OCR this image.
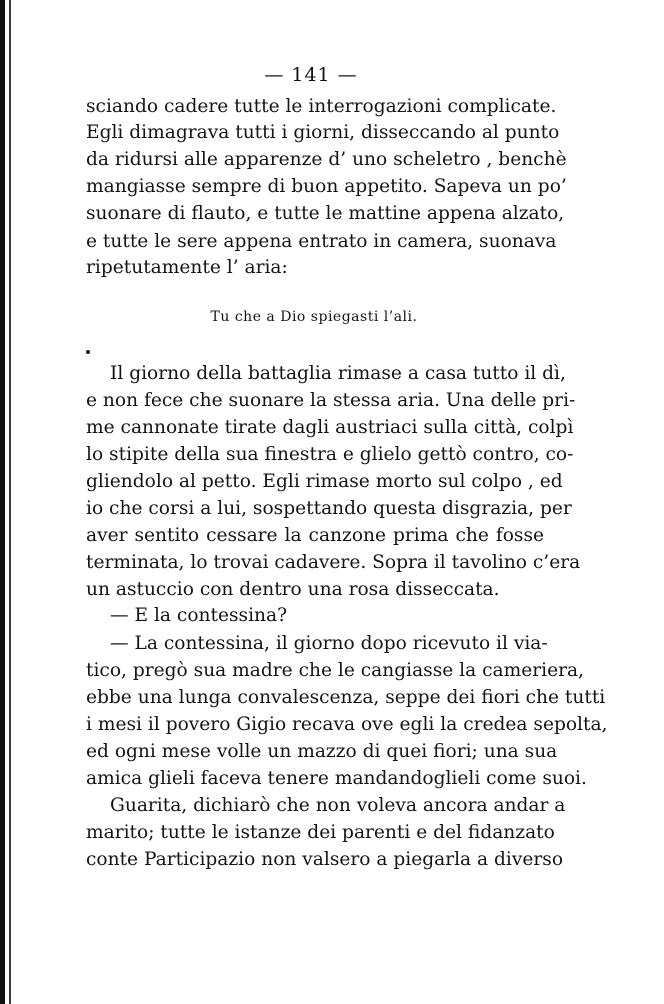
— 141 —
sciando cadere tutte le interrogazioni complicate.
Egli dimagrava tutti i giorni, disseccando al punto
da ridursi alle apparenze d’ uno scheletro , benchè
mangiasse sempre di buon appetito. Sapeva un po’
suonare di flauto, e tutte le mattine appena alzato,
e tutte le sere appena entrato in camera, suonava
ripetutamente l’ aria:
Tu che a Dio spiegasti l’ali.
Il giorno della battaglia rimase a casa tutto il dì,
e non fece che suonare la stessa aria. Una delle pri-
me cannonate tirate dagli austriaci sulla città, colpì
lo stipite della sua finestra e glielo gettò contro, co-
gliendolo al petto. Egli rimase morto sul colpo , ed
io che corsi a lui, sospettando questa disgrazia, per
aver sentito cessare la canzone prima che fosse
terminata, lo trovai cadavere. Sopra il tavolino c’era
un astuccio con dentro una rosa disseccata.
— E la contessina?
— La contessina, il giorno dopo ricevuto il via-
tico, pregò sua madre che le cangiasse la cameriera,
ebbe una lunga convalescenza, seppe dei fiori che tutti
i mesi il povero Gigio recava ove egli la credea sepolta,
ed ogni mese volle un mazzo di quei fiori; una sua
amica glieli faceva tenere mandandoglieli come suoi.
Guarita, dichiarò che non voleva ancora andar a
marito; tutte le istanze dei parenti e del fidanzato
conte Participazio non valsero a piegarla a diverso
